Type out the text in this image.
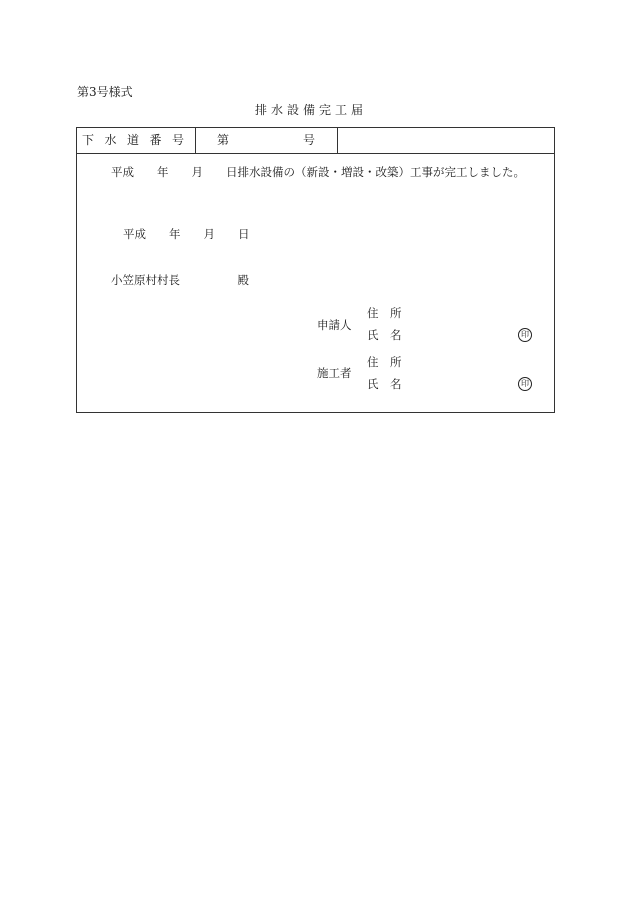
第3号様式
排水設備完工届
下水道番号 第	号
平成　　年　　月　　日排水設備の（新設・増設・改築）工事が完工しました。
平成　　年　　月　　日
小笠原村村長　　　　　殿
申請人
住　所
氏　名	印
施工者
住　所
氏　名	印
